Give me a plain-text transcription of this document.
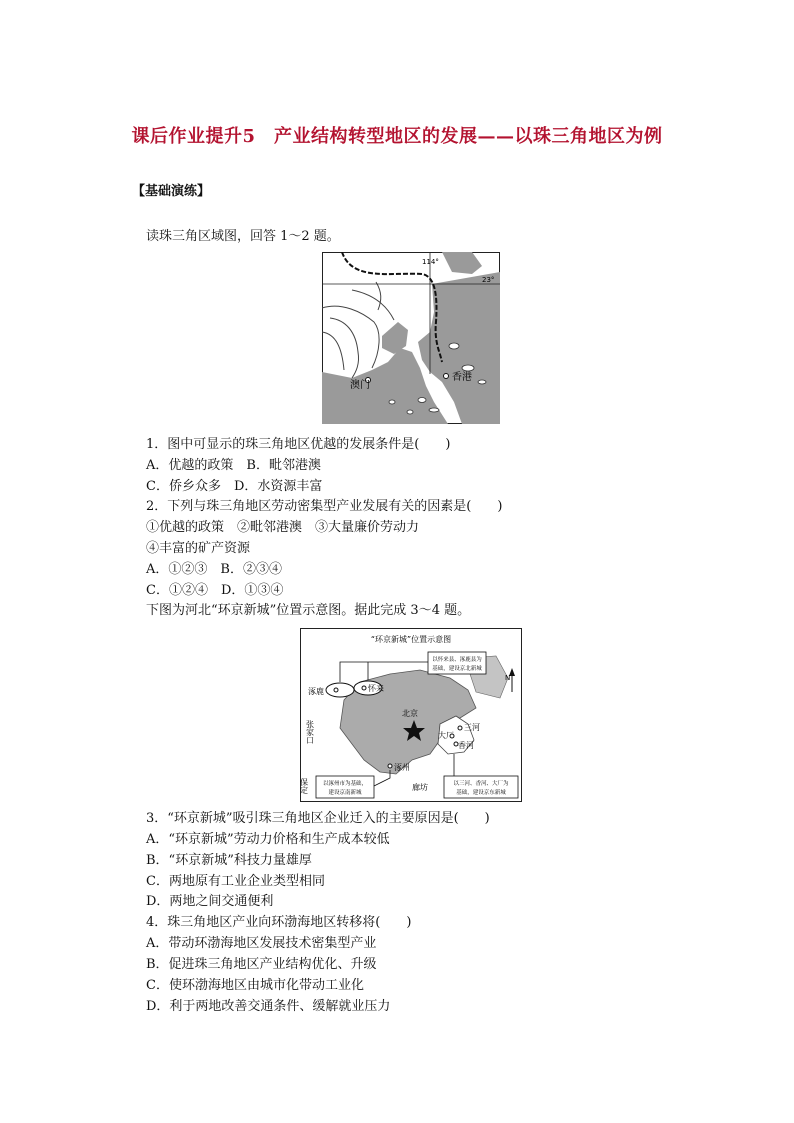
课后作业提升5　产业结构转型地区的发展——以珠三角地区为例
【基础演练】
读珠三角区域图，回答 1～2 题。
114°
23°
澳门
香港
1．图中可显示的珠三角地区优越的发展条件是(　　)
A．优越的政策　B．毗邻港澳
C．侨乡众多　D．水资源丰富
2．下列与珠三角地区劳动密集型产业发展有关的因素是(　　)
①优越的政策　②毗邻港澳　③大量廉价劳动力
④丰富的矿产资源
A．①②③　B．②③④
C．①②④　D．①③④
下图为河北“环京新城”位置示意图。据此完成 3～4 题。
“环京新城”位置示意图
以怀来县、涿鹿县为
基础，建设京北新城
以涿州市为基础，
建设京南新城
以三河、香河、大厂为
基础，建设京东新城
N
涿鹿	怀来
张家口
北京
三河
大厂
香河
涿州
保定	廊坊
3．“环京新城”吸引珠三角地区企业迁入的主要原因是(　　)
A．“环京新城”劳动力价格和生产成本较低
B．“环京新城”科技力量雄厚
C．两地原有工业企业类型相同
D．两地之间交通便利
4．珠三角地区产业向环渤海地区转移将(　　)
A．带动环渤海地区发展技术密集型产业
B．促进珠三角地区产业结构优化、升级
C．使环渤海地区由城市化带动工业化
D．利于两地改善交通条件、缓解就业压力
